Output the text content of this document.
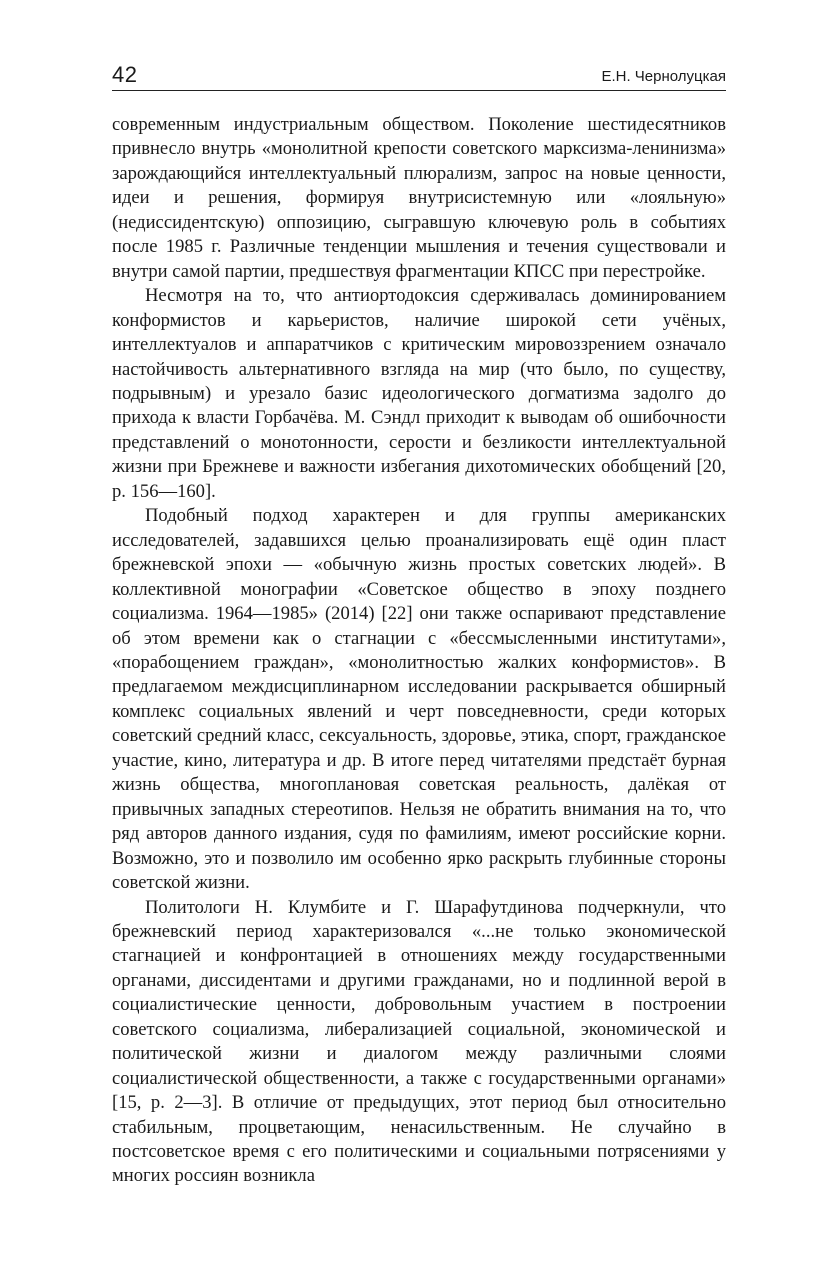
42	Е.Н. Чернолуцкая

современным индустриальным обществом. Поколение шестидесятников привнесло внутрь «монолитной крепости советского марксизма-ленинизма» зарождающийся интеллектуальный плюрализм, запрос на новые ценности, идеи и решения, формируя внутрисистемную или «лояльную» (недиссидентскую) оппозицию, сыгравшую ключевую роль в событиях после 1985 г. Различные тенденции мышления и течения существовали и внутри самой партии, предшествуя фрагментации КПСС при перестройке.

Несмотря на то, что антиортодоксия сдерживалась доминированием конформистов и карьеристов, наличие широкой сети учёных, интеллектуалов и аппаратчиков с критическим мировоззрением означало настойчивость альтернативного взгляда на мир (что было, по существу, подрывным) и урезало базис идеологического догматизма задолго до прихода к власти Горбачёва. М. Сэндл приходит к выводам об ошибочности представлений о монотонности, серости и безликости интеллектуальной жизни при Брежневе и важности избегания дихотомических обобщений [20, р. 156—160].

Подобный подход характерен и для группы американских исследователей, задавшихся целью проанализировать ещё один пласт брежневской эпохи — «обычную жизнь простых советских людей». В коллективной монографии «Советское общество в эпоху позднего социализма. 1964—1985» (2014) [22] они также оспаривают представление об этом времени как о стагнации с «бессмысленными институтами», «порабощением граждан», «монолитностью жалких конформистов». В предлагаемом междисциплинарном исследовании раскрывается обширный комплекс социальных явлений и черт повседневности, среди которых советский средний класс, сексуальность, здоровье, этика, спорт, гражданское участие, кино, литература и др. В итоге перед читателями предстаёт бурная жизнь общества, многоплановая советская реальность, далёкая от привычных западных стереотипов. Нельзя не обратить внимания на то, что ряд авторов данного издания, судя по фамилиям, имеют российские корни. Возможно, это и позволило им особенно ярко раскрыть глубинные стороны советской жизни.

Политологи Н. Клумбите и Г. Шарафутдинова подчеркнули, что брежневский период характеризовался «...не только экономической стагнацией и конфронтацией в отношениях между государственными органами, диссидентами и другими гражданами, но и подлинной верой в социалистические ценности, добровольным участием в построении советского социализма, либерализацией социальной, экономической и политической жизни и диалогом между различными слоями социалистической общественности, а также с государственными органами» [15, р. 2—3]. В отличие от предыдущих, этот период был относительно стабильным, процветающим, ненасильственным. Не случайно в постсоветское время с его политическими и социальными потрясениями у многих россиян возникла
